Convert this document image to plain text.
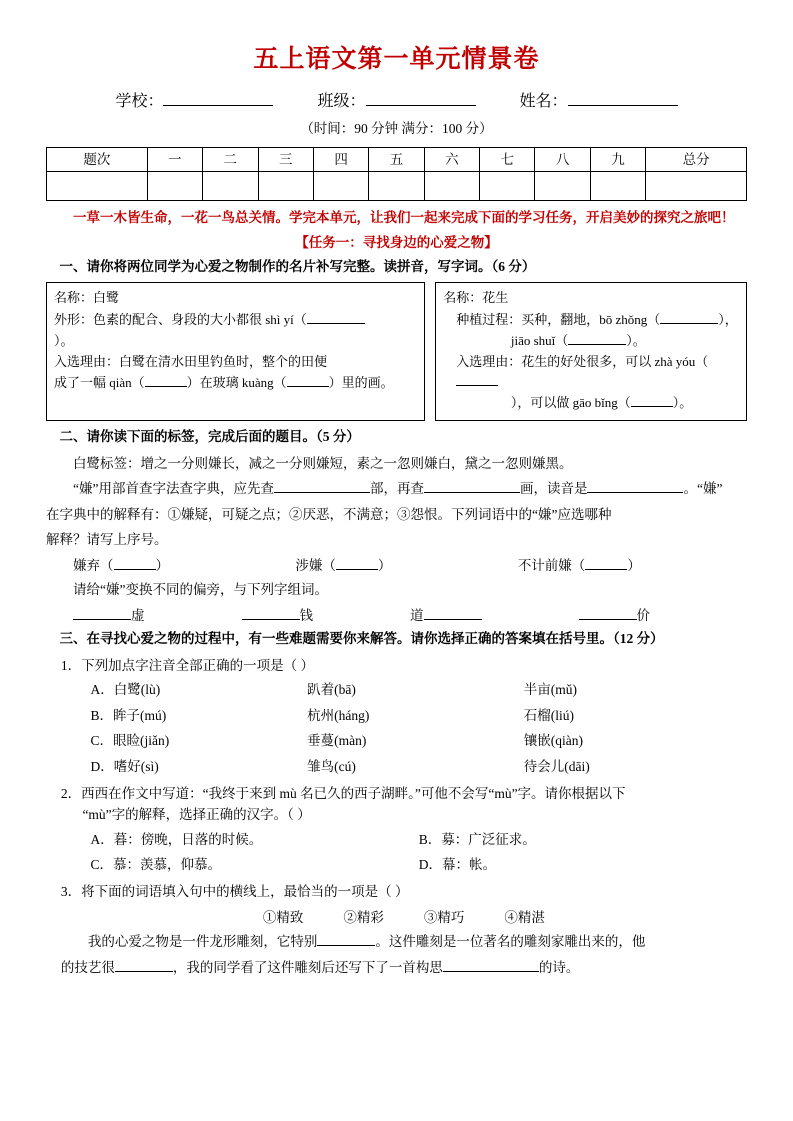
五上语文第一单元情景卷
学校：	班级：	姓名：
（时间：90 分钟 满分：100 分）
题次	一	二	三	四	五	六	七	八	九	总分

一草一木皆生命，一花一鸟总关情。学完本单元，让我们一起来完成下面的学习任务，开启美妙的探究之旅吧！
【任务一：寻找身边的心爱之物】
一、请你将两位同学为心爱之物制作的名片补写完整。读拼音，写字词。（6 分）
名称：白鹭
外形：色素的配合、身段的大小都很 shì yí（
）。
入选理由：白鹭在清水田里钓鱼时，整个的田便
成了一幅 qiàn（	）在玻璃 kuàng（	）里的画。
名称：花生
种植过程：买种，翻地，bō zhǒng（	），
jiāo shuǐ（	）。
入选理由：花生的好处很多，可以 zhà yóu（
），可以做 gāo bǐng（	）。
二、请你读下面的标签，完成后面的题目。（5 分）
白鹭标签：增之一分则嫌长，减之一分则嫌短，素之一忽则嫌白，黛之一忽则嫌黑。
“嫌”用部首查字法查字典，应先查	部，再查	画，读音是	。“嫌”
在字典中的解释有：①嫌疑，可疑之点；②厌恶，不满意；③怨恨。下列词语中的“嫌”应选哪种
解释？请写上序号。
嫌弃（	）	涉嫌（	）	不计前嫌（	）
请给“嫌”变换不同的偏旁，与下列字组词。
虚	钱	道	价
三、在寻找心爱之物的过程中，有一些难题需要你来解答。请你选择正确的答案填在括号里。（12 分）
1．下列加点字注音全部正确的一项是（ ）
A．白鹭(lù)	趴着(bā)	半亩(mǔ)
B．眸子(mú)	杭州(háng)	石榴(liú)
C．眼睑(jiǎn)	垂蔓(màn)	镶嵌(qiàn)
D．嗜好(sì)	雏鸟(cú)	待会儿(dāi)
2．西西在作文中写道：“我终于来到 mù 名已久的西子湖畔。”可他不会写“mù”字。请你根据以下
“mù”字的解释，选择正确的汉字。（ ）
A．暮：傍晚，日落的时候。	B．募：广泛征求。
C．慕：羡慕，仰慕。	D．幕：帐。
3．将下面的词语填入句中的横线上，最恰当的一项是（ ）
①精致	②精彩	③精巧	④精湛
我的心爱之物是一件龙形雕刻，它特别	。这件雕刻是一位著名的雕刻家雕出来的，他
的技艺很	，我的同学看了这件雕刻后还写下了一首构思	的诗。
